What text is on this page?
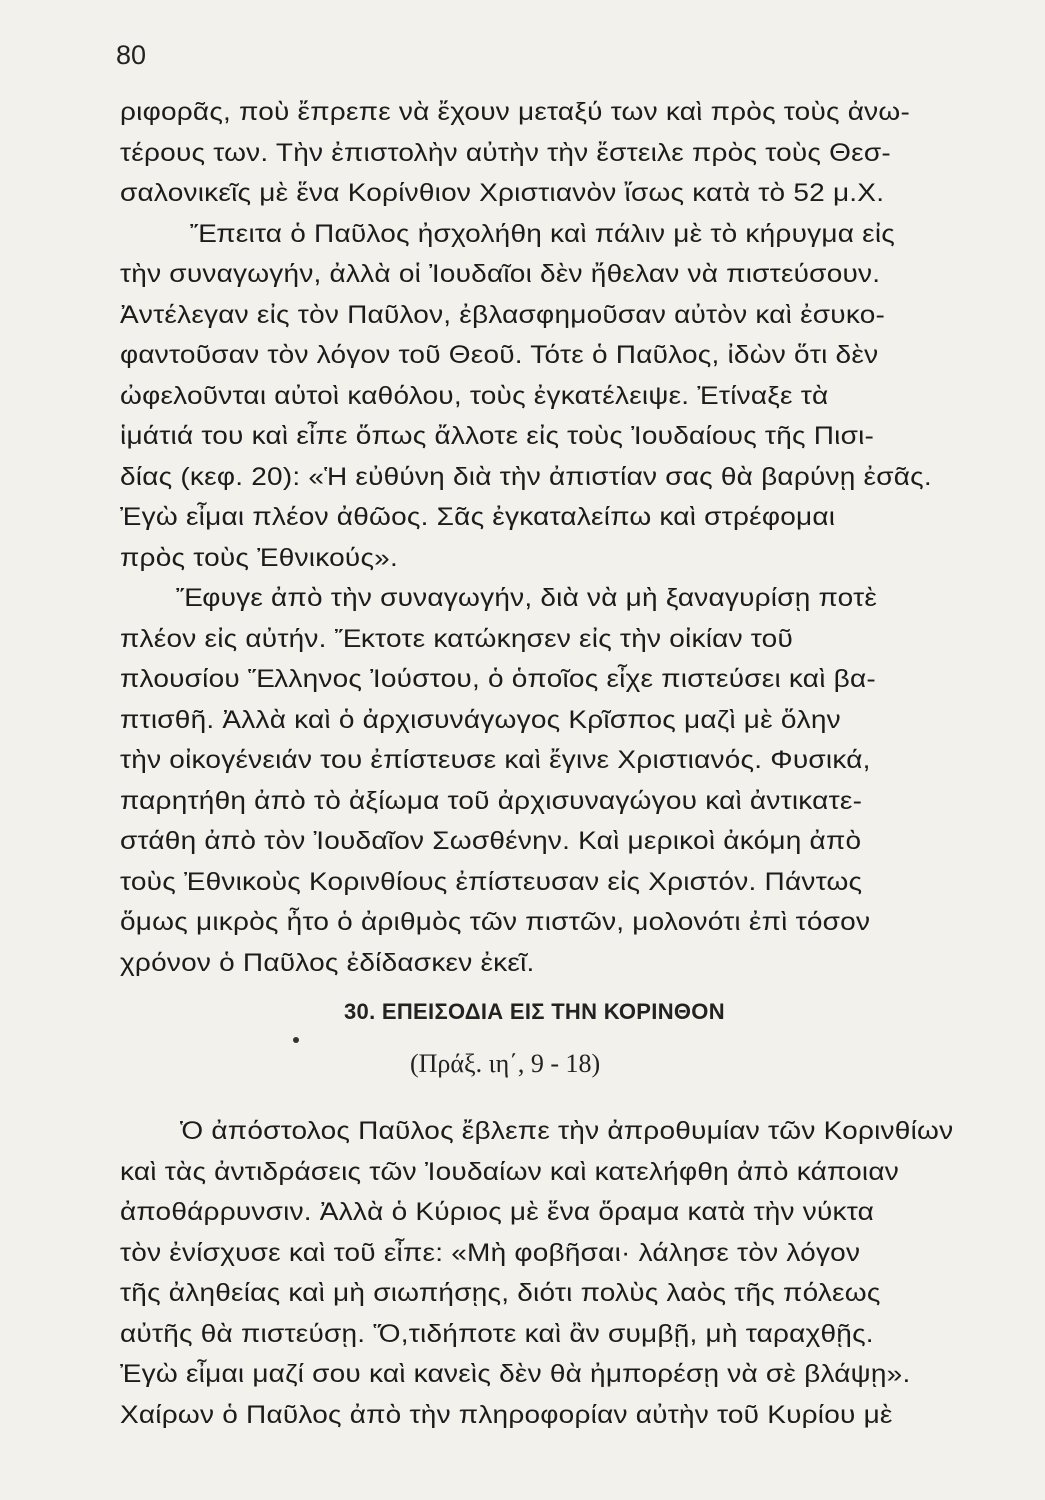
80
ριφορᾶς, ποὺ ἔπρεπε νὰ ἔχουν μεταξύ των καὶ πρὸς τοὺς ἀνω-
τέρους των. Τὴν ἐπιστολὴν αὐτὴν τὴν ἔστειλε πρὸς τοὺς Θεσ-
σαλονικεῖς μὲ ἕνα Κορίνθιον Χριστιανὸν ἴσως κατὰ τὸ 52 μ.Χ.
Ἔπειτα ὁ Παῦλος ἠσχολήθη καὶ πάλιν μὲ τὸ κήρυγμα εἰς
τὴν συναγωγήν, ἀλλὰ οἱ Ἰουδαῖοι δὲν ἤθελαν νὰ πιστεύσουν.
Ἀντέλεγαν εἰς τὸν Παῦλον, ἐβλασφημοῦσαν αὐτὸν καὶ ἐσυκο-
φαντοῦσαν τὸν λόγον τοῦ Θεοῦ. Τότε ὁ Παῦλος, ἰδὼν ὅτι δὲν
ὠφελοῦνται αὐτοὶ καθόλου, τοὺς ἐγκατέλειψε. Ἐτίναξε τὰ
ἱμάτιά του καὶ εἶπε ὅπως ἄλλοτε εἰς τοὺς Ἰουδαίους τῆς Πισι-
δίας (κεφ. 20): «Ἡ εὐθύνη διὰ τὴν ἀπιστίαν σας θὰ βαρύνῃ ἐσᾶς.
Ἐγὼ εἶμαι πλέον ἀθῶος. Σᾶς ἐγκαταλείπω καὶ στρέφομαι
πρὸς τοὺς Ἐθνικούς».
Ἔφυγε ἀπὸ τὴν συναγωγήν, διὰ νὰ μὴ ξαναγυρίσῃ ποτὲ
πλέον εἰς αὐτήν. Ἔκτοτε κατώκησεν εἰς τὴν οἰκίαν τοῦ
πλουσίου Ἕλληνος Ἰούστου, ὁ ὁποῖος εἶχε πιστεύσει καὶ βα-
πτισθῆ. Ἀλλὰ καὶ ὁ ἀρχισυνάγωγος Κρῖσπος μαζὶ μὲ ὅλην
τὴν οἰκογένειάν του ἐπίστευσε καὶ ἔγινε Χριστιανός. Φυσικά,
παρητήθη ἀπὸ τὸ ἀξίωμα τοῦ ἀρχισυναγώγου καὶ ἀντικατε-
στάθη ἀπὸ τὸν Ἰουδαῖον Σωσθένην. Καὶ μερικοὶ ἀκόμη ἀπὸ
τοὺς Ἐθνικοὺς Κορινθίους ἐπίστευσαν εἰς Χριστόν. Πάντως
ὅμως μικρὸς ἦτο ὁ ἀριθμὸς τῶν πιστῶν, μολονότι ἐπὶ τόσον
χρόνον ὁ Παῦλος ἐδίδασκεν ἐκεῖ.
30. ΕΠΕΙΣΟΔΙΑ ΕΙΣ ΤΗΝ ΚΟΡΙΝΘΟΝ
(Πράξ. ιη΄, 9 - 18)
Ὁ ἀπόστολος Παῦλος ἔβλεπε τὴν ἀπροθυμίαν τῶν Κορινθίων
καὶ τὰς ἀντιδράσεις τῶν Ἰουδαίων καὶ κατελήφθη ἀπὸ κάποιαν
ἀποθάρρυνσιν. Ἀλλὰ ὁ Κύριος μὲ ἕνα ὅραμα κατὰ τὴν νύκτα
τὸν ἐνίσχυσε καὶ τοῦ εἶπε: «Μὴ φοβῆσαι· λάλησε τὸν λόγον
τῆς ἀληθείας καὶ μὴ σιωπήσῃς, διότι πολὺς λαὸς τῆς πόλεως
αὐτῆς θὰ πιστεύσῃ. Ὅ,τιδήποτε καὶ ἂν συμβῇ, μὴ ταραχθῇς.
Ἐγὼ εἶμαι μαζί σου καὶ κανεὶς δὲν θὰ ἠμπορέσῃ νὰ σὲ βλάψῃ».
Χαίρων ὁ Παῦλος ἀπὸ τὴν πληροφορίαν αὐτὴν τοῦ Κυρίου μὲ
